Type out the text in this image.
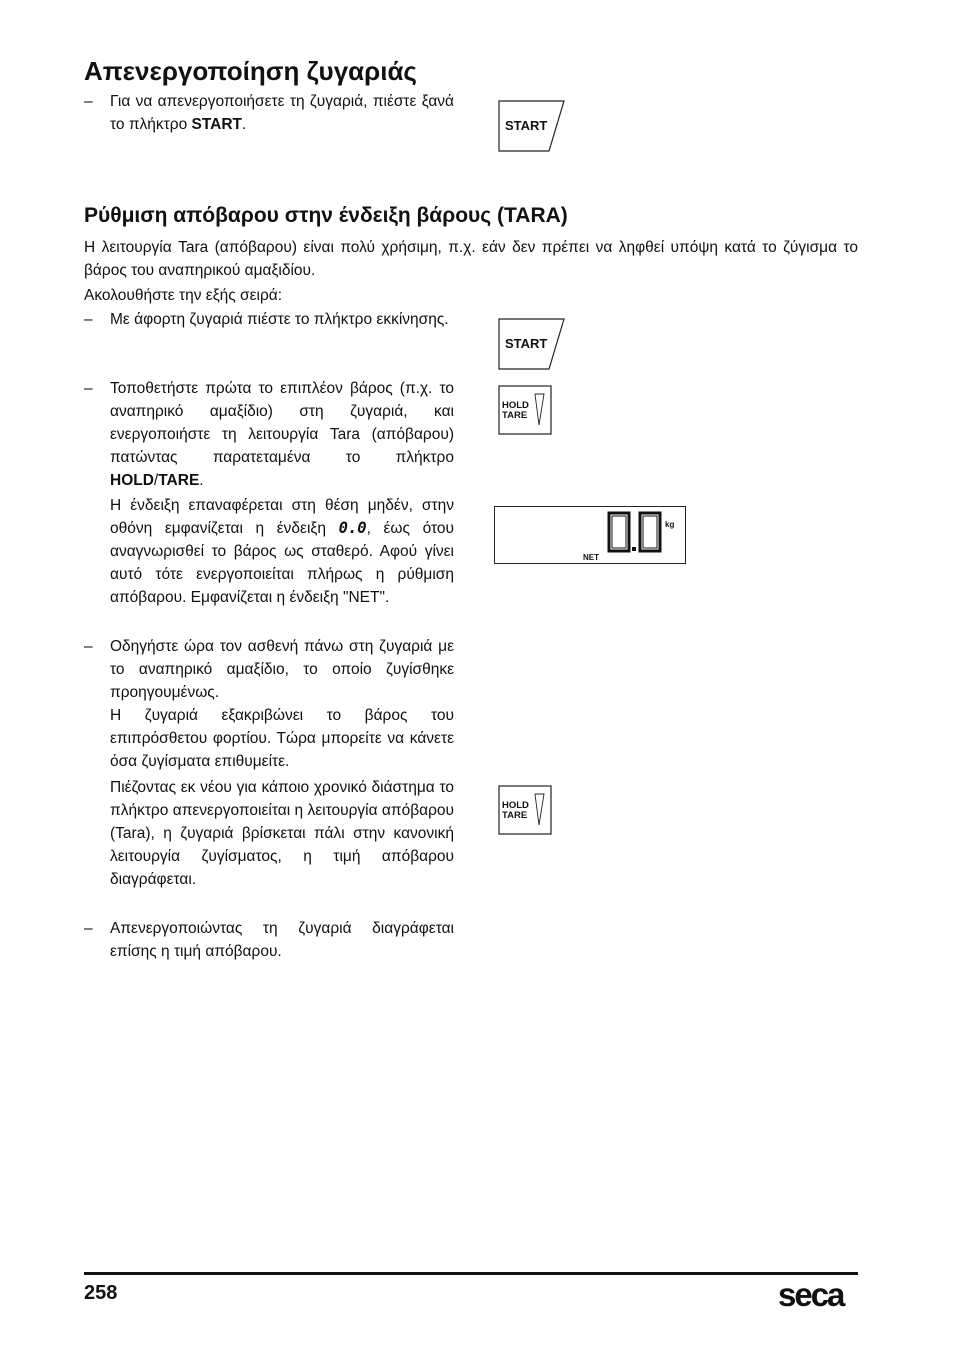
Απενεργοποίηση ζυγαριάς
– Για να απενεργοποιήσετε τη ζυγαριά, πιέστε ξανά το πλήκτρο START.	START
Ρύθμιση απόβαρου στην ένδειξη βάρους (TARA)

Η λειτουργία Tara (απόβαρου) είναι πολύ χρήσιμη, π.χ. εάν δεν πρέπει να ληφθεί υπόψη κατά το ζύγισμα το βάρος του αναπηρικού αμαξιδίου.

Ακολουθήστε την εξής σειρά:

– Με άφορτη ζυγαριά πιέστε το πλήκτρο εκκίνησης.
START
– Τοποθετήστε πρώτα το επιπλέον βάρος (π.χ. το αναπηρικό αμαξίδιο) στη ζυγαριά, και ενεργοποιήστε τη λειτουργία Tara (απόβαρου) πατώντας παρατεταμένα το πλήκτρο HOLD/TARE.
HOLD
TARE
Η ένδειξη επαναφέρεται στη θέση μηδέν, στην οθόνη εμφανίζεται η ένδειξη 0.0, έως ότου αναγνωρισθεί το βάρος ως σταθερό. Αφού γίνει αυτό τότε ενεργοποιείται πλήρως η ρύθμιση απόβαρου. Εμφανίζεται η ένδειξη "NET".
kg
NET
– Οδηγήστε ώρα τον ασθενή πάνω στη ζυγαριά με το αναπηρικό αμαξίδιο, το οποίο ζυγίσθηκε προηγουμένως.
Η ζυγαριά εξακριβώνει το βάρος του επιπρόσθετου φορτίου. Τώρα μπορείτε να κάνετε όσα ζυγίσματα επιθυμείτε.
Πιέζοντας εκ νέου για κάποιο χρονικό διάστημα το πλήκτρο απενεργοποιείται η λειτουργία απόβαρου (Tara), η ζυγαριά βρίσκεται πάλι στην κανονική λειτουργία ζυγίσματος, η τιμή απόβαρου διαγράφεται.
HOLD
TARE
– Απενεργοποιώντας τη ζυγαριά διαγράφεται επίσης η τιμή απόβαρου.
258	seca
